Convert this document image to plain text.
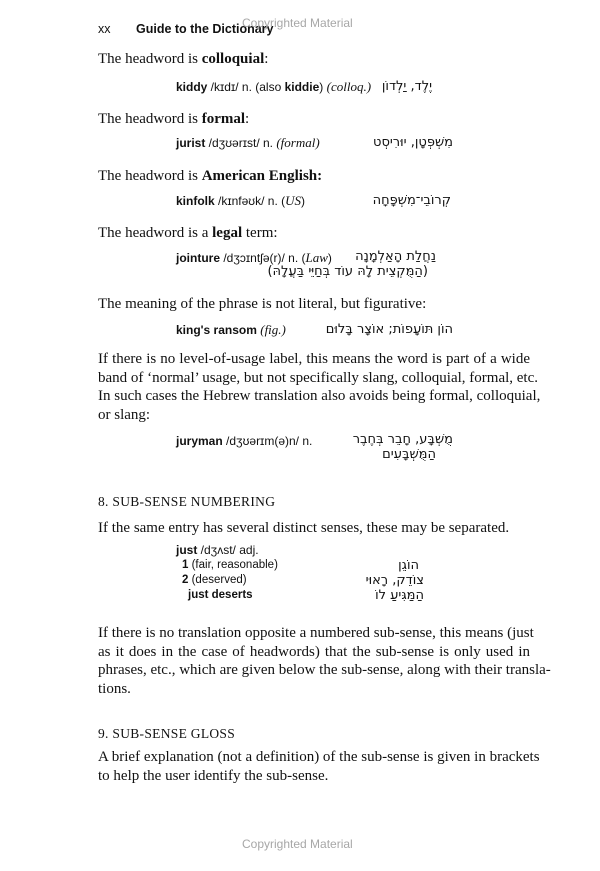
xx Guide to the Dictionary
Copyrighted Material
The headword is colloquial:
kiddy /kɪdɪ/ n. (also kiddie) (colloq.) יֶלֶד, יַלְדוֹן
The headword is formal:
jurist /dʒʊərɪst/ n. (formal)	מִשְׁפְּטָן, יוּרִיסְט
The headword is American English:
kinfolk /kɪnfəʊk/ n. (US)	קְרוֹבֵי־מִשְׁפָּחָה
The headword is a legal term:
jointure /dʒɔɪntʃə(r)/ n. (Law) נַחֲלַת הָאַלְמָנָה
(הַמֻּקְצֵית לָהּ עוֹד בְּחַיֵּי בַּעֲלָהּ)
The meaning of the phrase is not literal, but figurative:
king's ransom (fig.)	הוֹן תּוֹעָפוֹת; אוֹצָר בָּלוּם
If there is no level-of-usage label, this means the word is part of a wide
band of ‘normal’ usage, but not specifically slang, colloquial, formal, etc.
In such cases the Hebrew translation also avoids being formal, colloquial,
or slang:
juryman /dʒʊərɪm(ə)n/ n.	מֻשְׁבָּע, חָבֵר בְּחֶבֶר
הַמֻּשְׁבָּעִים
8. SUB-SENSE NUMBERING
If the same entry has several distinct senses, these may be separated.
just /dʒʌst/ adj.
1 (fair, reasonable)	הוֹגֵן
2 (deserved)	צוֹדֵק, רָאוּי
just deserts	הַמַּגִּיעַ לוֹ
If there is no translation opposite a numbered sub-sense, this means (just
as it does in the case of headwords) that the sub-sense is only used in
phrases, etc., which are given below the sub-sense, along with their transla-
tions.
9. SUB-SENSE GLOSS
A brief explanation (not a definition) of the sub-sense is given in brackets
to help the user identify the sub-sense.
Copyrighted Material
